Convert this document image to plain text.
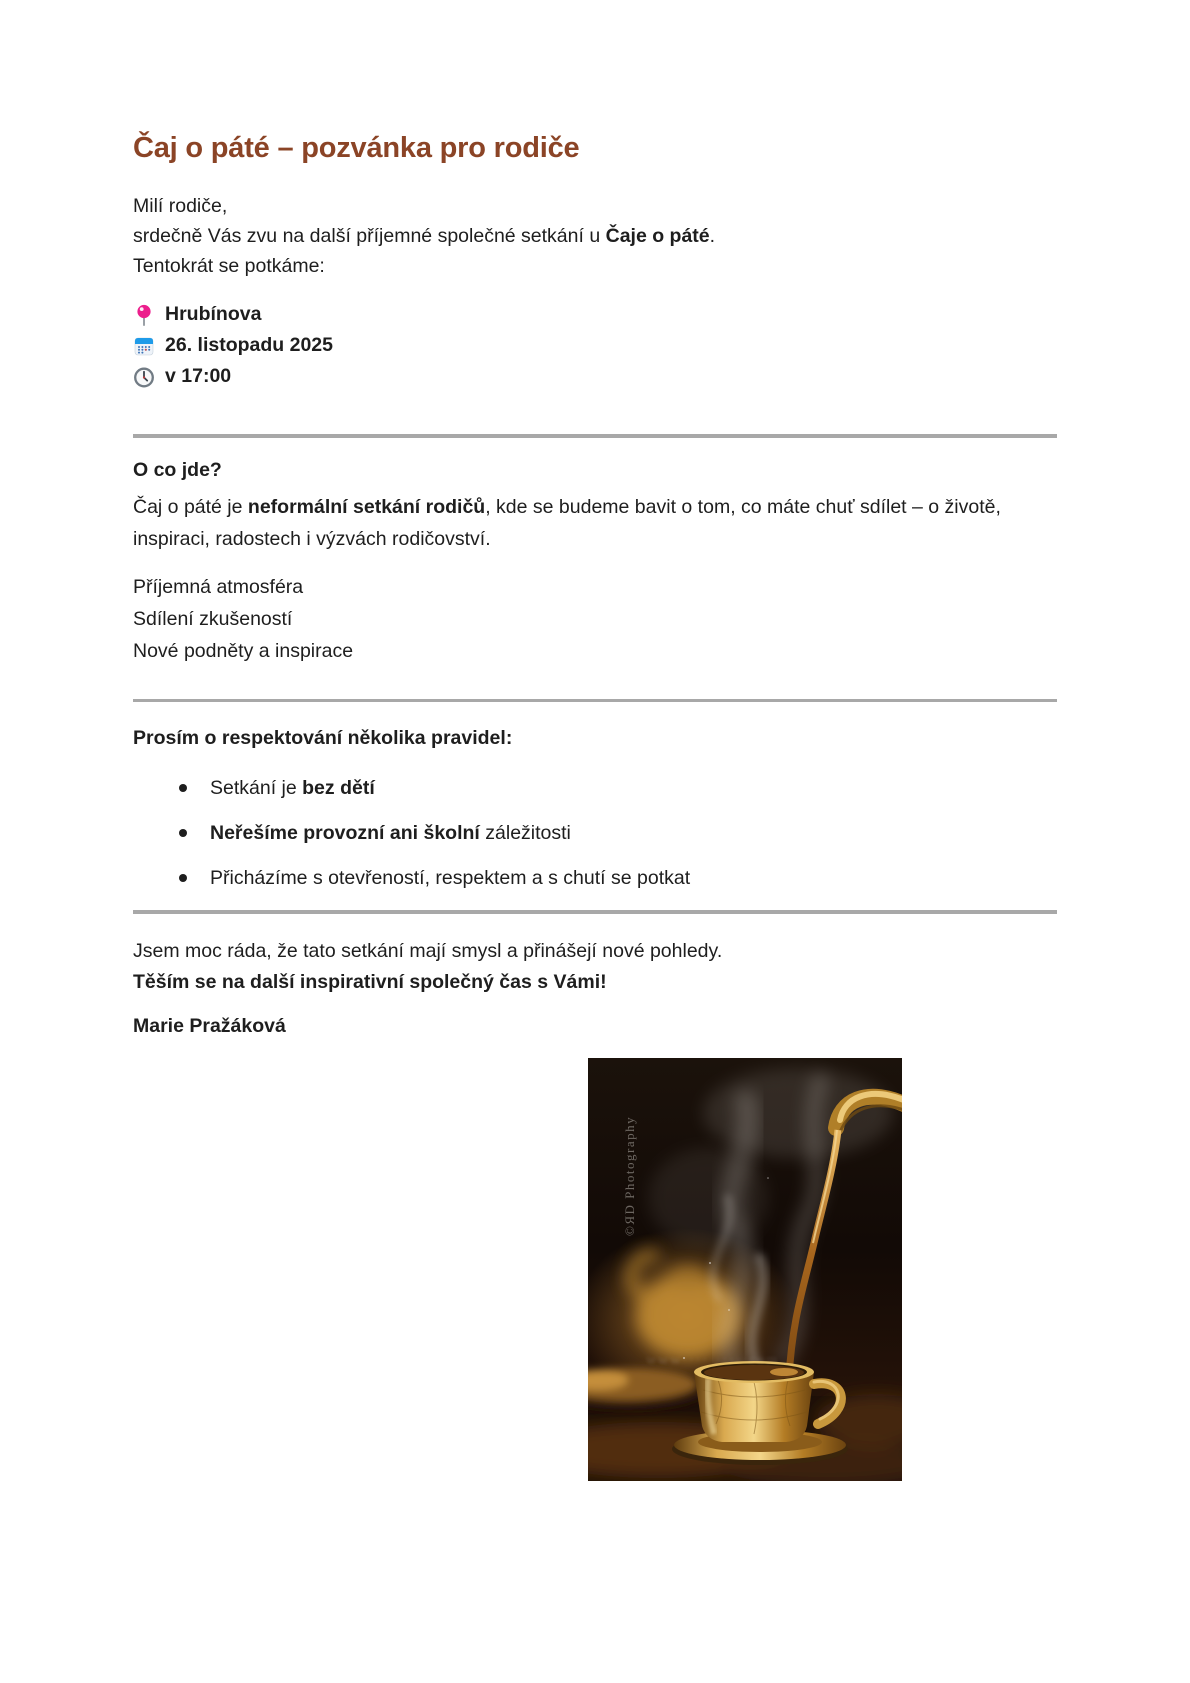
Čaj o páté – pozvánka pro rodiče

Milí rodiče,
srdečně Vás zvu na další příjemné společné setkání u Čaje o páté.
Tentokrát se potkáme:

Hrubínova
26. listopadu 2025
v 17:00
O co jde?

Čaj o páté je neformální setkání rodičů, kde se budeme bavit o tom, co máte chuť sdílet – o životě, inspiraci, radostech i výzvách rodičovství.

Příjemná atmosféra
Sdílení zkušeností
Nové podněty a inspirace
Prosím o respektování několika pravidel:
Setkání je bez dětí
Neřešíme provozní ani školní záležitosti
Přicházíme s otevřeností, respektem a s chutí se potkat

Jsem moc ráda, že tato setkání mají smysl a přinášejí nové pohledy.
Těším se na další inspirativní společný čas s Vámi!

Marie Pražáková

©ЯD Photography
www··········com
